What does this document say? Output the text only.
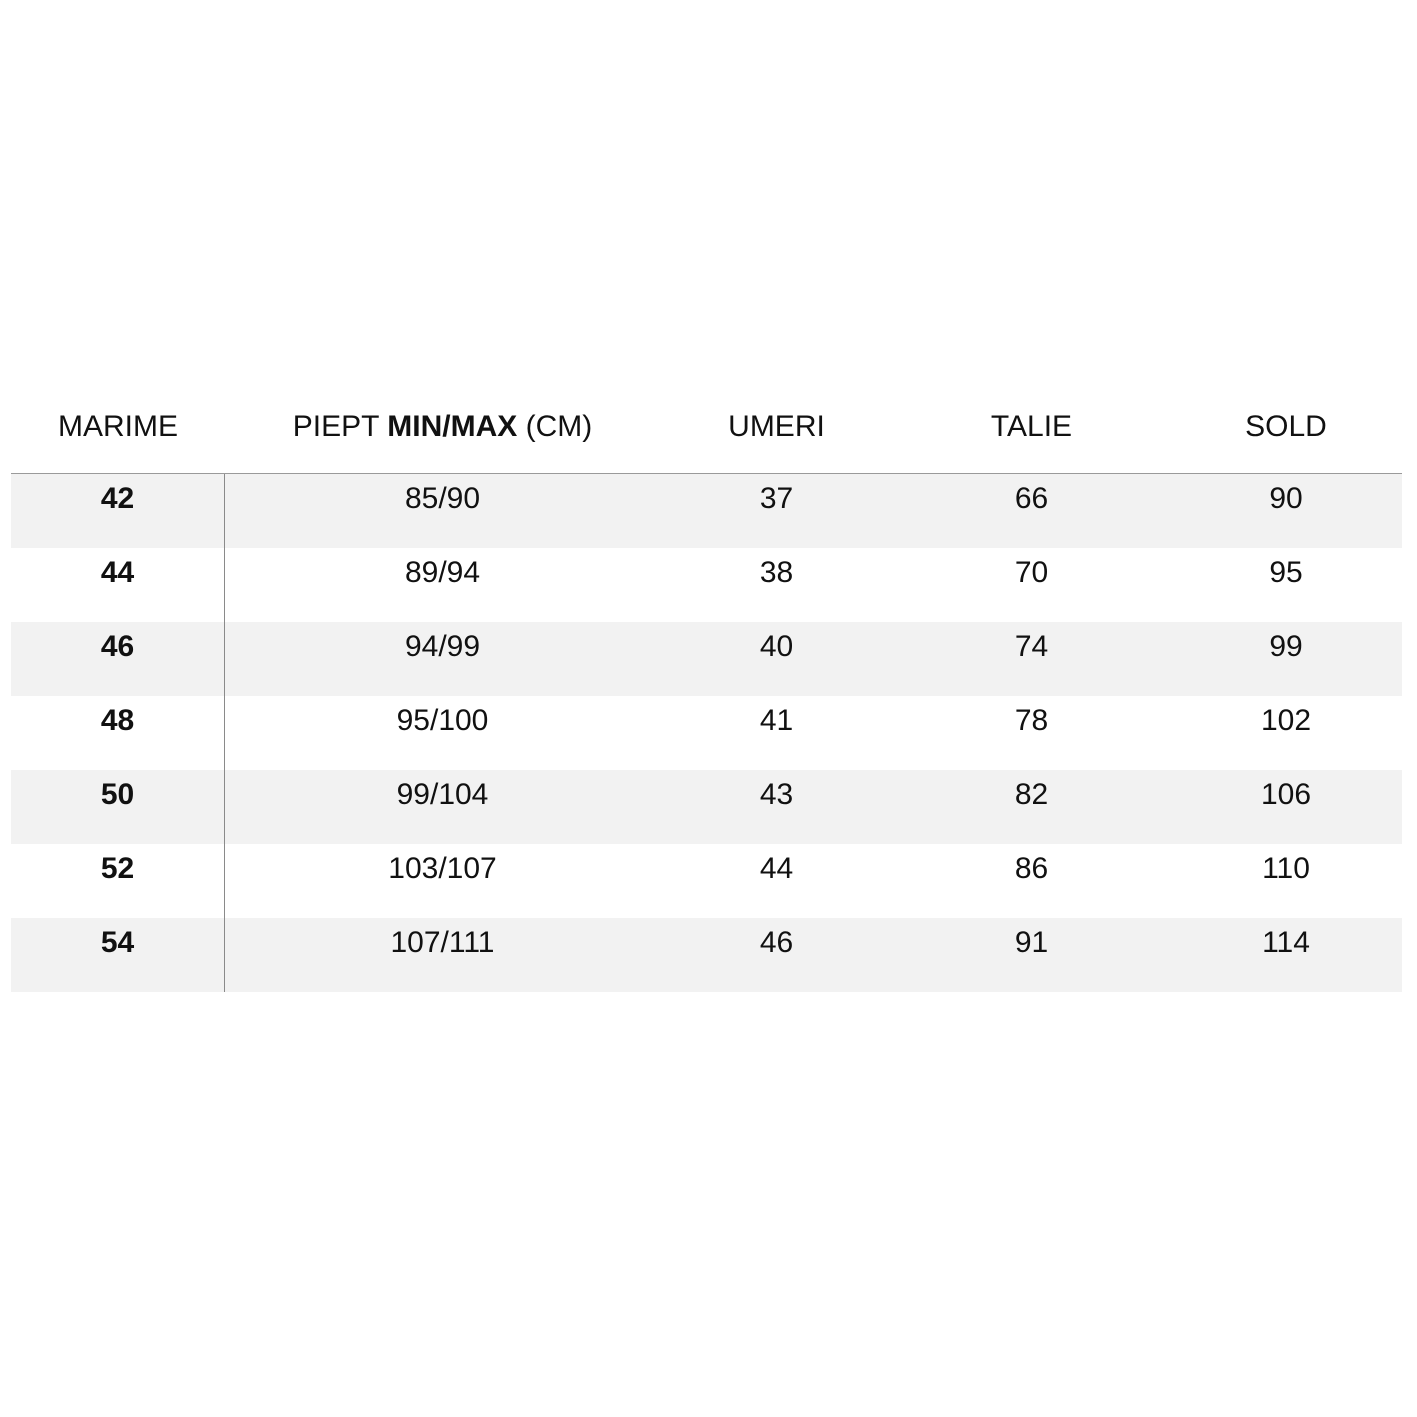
MARIME	PIEPT MIN/MAX (CM)	UMERI	TALIE	SOLD
42	85/90	37	66	90
44	89/94	38	70	95
46	94/99	40	74	99
48	95/100	41	78	102
50	99/104	43	82	106
52	103/107	44	86	110
54	107/111	46	91	114
